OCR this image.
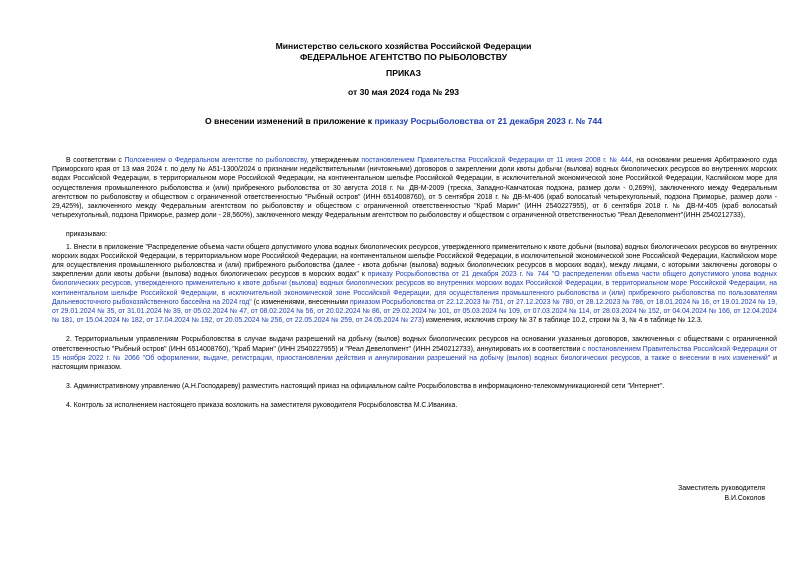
Министерство сельского хозяйства Российской Федерации
ФЕДЕРАЛЬНОЕ АГЕНТСТВО ПО РЫБОЛОВСТВУ
ПРИКАЗ
от 30 мая 2024 года № 293
О внесении изменений в приложение к приказу Росрыболовства от 21 декабря 2023 г. № 744

В соответствии с Положением о Федеральном агентстве по рыболовству, утвержденным постановлением Правительства Российской Федерации от 11 июня 2008 г. № 444, на основании решения Арбитражного суда Приморского края от 13 мая 2024 г. по делу № А51-1300/2024 о признании недействительными (ничтожными) договоров о закреплении доли квоты добычи (вылова) водных биологических ресурсов во внутренних морских водах Российской Федерации, в территориальном море Российской Федерации, на континентальном шельфе Российской Федерации, в исключительной экономической зоне Российской Федерации, Каспийском море для осуществления промышленного рыболовства и (или) прибрежного рыболовства от 30 августа 2018 г. № ДВ-М-2009 (треска, Западно-Камчатская подзона, размер доли - 0,269%), заключенного между Федеральным агентством по рыболовству и обществом с ограниченной ответственностью "Рыбный остров" (ИНН 6514008760), от 5 сентября 2018 г. № ДВ-М-406 (краб волосатый четырехугольный, подзона Приморье, размер доли - 29,425%), заключенного между Федеральным агентством по рыболовству и обществом с ограниченной ответственностью "Краб Марин" (ИНН 2540227955), от 6 сентября 2018 г. № ДВ-М-405 (краб волосатый четырехугольный, подзона Приморье, размер доли - 28,560%), заключенного между Федеральным агентством по рыболовству и обществом с ограниченной ответственностью "Реал Девелопмент"(ИНН 2540212733),

приказываю:

1. Внести в приложение "Распределение объема части общего допустимого улова водных биологических ресурсов, утвержденного применительно к квоте добычи (вылова) водных биологических ресурсов во внутренних морских водах Российской Федерации, в территориальном море Российской Федерации, на континентальном шельфе Российской Федерации, в исключительной экономической зоне Российской Федерации, Каспийском море для осуществления промышленного рыболовства и (или) прибрежного рыболовства (далее - квота добычи (вылова) водных биологических ресурсов в морских водах), между лицами, с которыми заключены договоры о закреплении доли квоты добычи (вылова) водных биологических ресурсов в морских водах" к приказу Росрыболовства от 21 декабря 2023 г. № 744 "О распределении объема части общего допустимого улова водных биологических ресурсов, утвержденного применительно к квоте добычи (вылова) водных биологических ресурсов во внутренних морских водах Российской Федерации, в территориальном море Российской Федерации, на континентальном шельфе Российской Федерации, в исключительной экономической зоне Российской Федерации, для осуществления промышленного рыболовства и (или) прибрежного рыболовства по пользователям Дальневосточного рыбохозяйственного бассейна на 2024 год" (с изменениями, внесенными приказом Росрыболовства от 22.12.2023 № 751, от 27.12.2023 № 780, от 28.12.2023 № 786, от 18.01.2024 № 16, от 19.01.2024 № 19, от 29.01.2024 № 35, от 31.01.2024 № 39, от 05.02.2024 № 47, от 08.02.2024 № 56, от 20.02.2024 № 86, от 29.02.2024 № 101, от 05.03.2024 № 109, от 07.03.2024 № 114, от 28.03.2024 № 152, от 04.04.2024 № 166, от 12.04.2024 № 181, от 15.04.2024 № 182, от 17.04.2024 № 192, от 20.05.2024 № 256, от 22.05.2024 № 259, от 24.05.2024 № 273) изменения, исключив строку № 37 в таблице 10.2, строки № 3, № 4 в таблице № 12.3.

2. Территориальным управлениям Росрыболовства в случае выдачи разрешений на добычу (вылов) водных биологических ресурсов на основании указанных договоров, заключенных с обществами с ограниченной ответственностью "Рыбный остров" (ИНН 6514008760), "Краб Марин" (ИНН 2540227955) и "Реал Девелопмент" (ИНН 2540212733), аннулировать их в соответствии с постановлением Правительства Российской Федерации от 15 ноября 2022 г. № 2066 "Об оформлении, выдаче, регистрации, приостановлении действия и аннулировании разрешений на добычу (вылов) водных биологических ресурсов, а также о внесении в них изменений" и настоящим приказом.

3. Административному управлению (А.Н.Господареву) разместить настоящий приказ на официальном сайте Росрыболовства в информационно-телекоммуникационной сети "Интернет".

4. Контроль за исполнением настоящего приказа возложить на заместителя руководителя Росрыболовства М.С.Иваника.

Заместитель руководителя
В.И.Соколов
